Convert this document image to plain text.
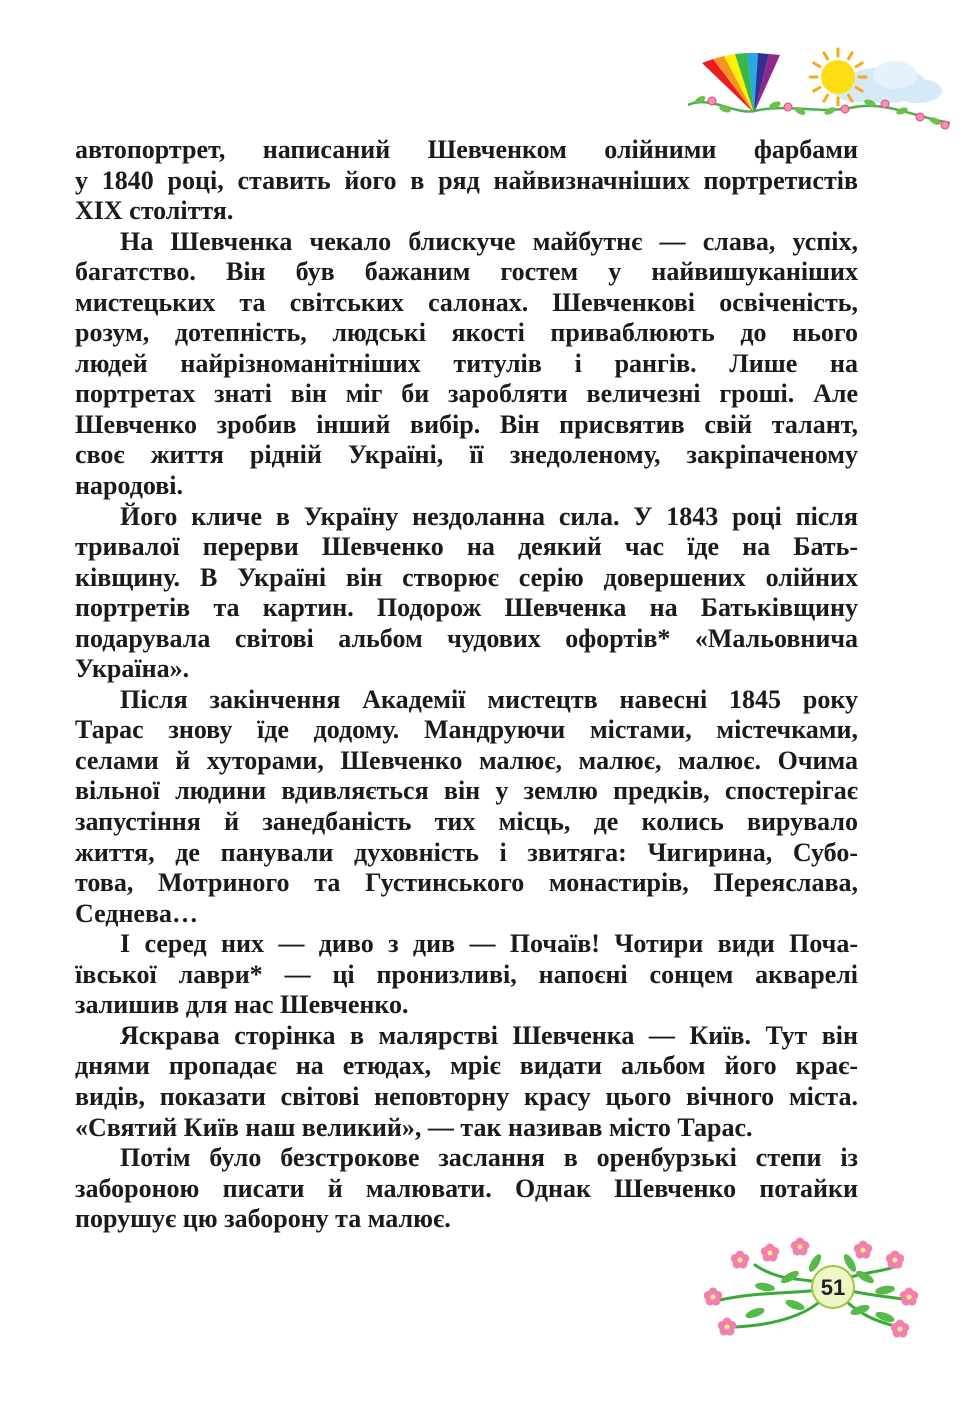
автопортрет, написаний Шевченком олійними фарбами
у 1840 році, ставить його в ряд найвизначніших портретистів
XIX століття.
На Шевченка чекало блискуче майбутнє — слава, успіх,
багатство. Він був бажаним гостем у найвишуканіших
мистецьких та світських салонах. Шевченкові освіченість,
розум, дотепність, людські якості приваблюють до нього
людей найрізноманітніших титулів і рангів. Лише на
портретах знаті він міг би заробляти величезні гроші. Але
Шевченко зробив інший вибір. Він присвятив свій талант,
своє життя рідній Україні, її знедоленому, закріпаченому
народові.
Його кличе в Україну нездоланна сила. У 1843 році після
тривалої перерви Шевченко на деякий час їде на Бать-
ківщину. В Україні він створює серію довершених олійних
портретів та картин. Подорож Шевченка на Батьківщину
подарувала світові альбом чудових офортів* «Мальовнича
Україна».
Після закінчення Академії мистецтв навесні 1845 року
Тарас знову їде додому. Мандруючи містами, містечками,
селами й хуторами, Шевченко малює, малює, малює. Очима
вільної людини вдивляється він у землю предків, спостерігає
запустіння й занедбаність тих місць, де колись вирувало
життя, де панували духовність і звитяга: Чигирина, Субо-
това, Мотриного та Густинського монастирів, Переяслава,
Седнева…
І серед них — диво з див — Почаїв! Чотири види Поча-
ївської лаври* — ці пронизливі, напоєні сонцем акварелі
залишив для нас Шевченко.
Яскрава сторінка в малярстві Шевченка — Київ. Тут він
днями пропадає на етюдах, мріє видати альбом його крає-
видів, показати світові неповторну красу цього вічного міста.
«Святий Київ наш великий», — так називав місто Тарас.
Потім було безстрокове заслання в оренбурзькі степи із
забороною писати й малювати. Однак Шевченко потайки
порушує цю заборону та малює.
51
